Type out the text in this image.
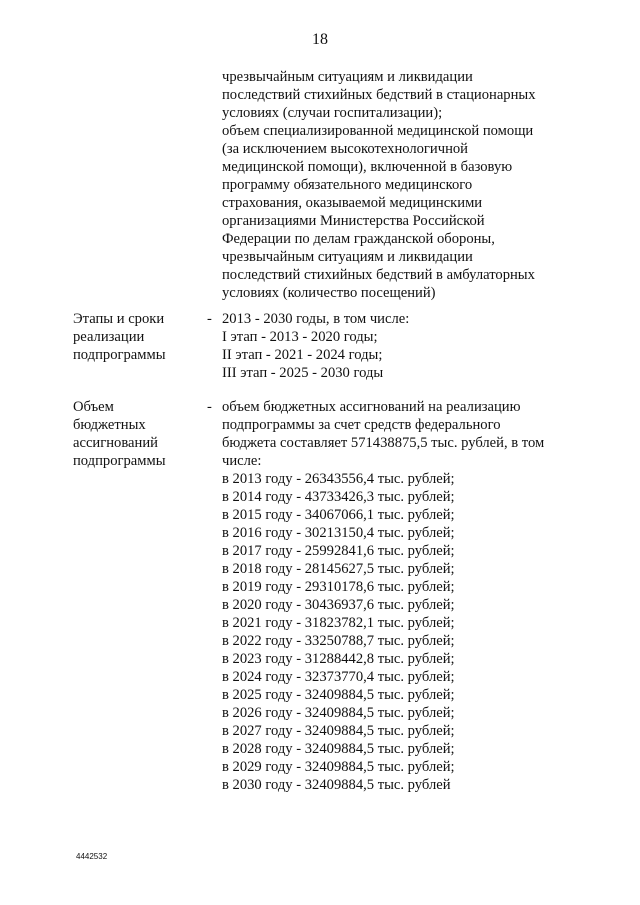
18
чрезвычайным ситуациям и ликвидации
последствий стихийных бедствий в стационарных
условиях (случаи госпитализации);
объем специализированной медицинской помощи
(за исключением высокотехнологичной
медицинской помощи), включенной в базовую
программу обязательного медицинского
страхования, оказываемой медицинскими
организациями Министерства Российской
Федерации по делам гражданской обороны,
чрезвычайным ситуациям и ликвидации
последствий стихийных бедствий в амбулаторных
условиях (количество посещений)
Этапы и сроки
реализации
подпрограммы
- 2013 - 2030 годы, в том числе:
I этап - 2013 - 2020 годы;
II этап - 2021 - 2024 годы;
III этап - 2025 - 2030 годы
Объем
бюджетных
ассигнований
подпрограммы
- объем бюджетных ассигнований на реализацию
подпрограммы за счет средств федерального
бюджета составляет 571438875,5 тыс. рублей, в том
числе:
в 2013 году - 26343556,4 тыс. рублей;
в 2014 году - 43733426,3 тыс. рублей;
в 2015 году - 34067066,1 тыс. рублей;
в 2016 году - 30213150,4 тыс. рублей;
в 2017 году - 25992841,6 тыс. рублей;
в 2018 году - 28145627,5 тыс. рублей;
в 2019 году - 29310178,6 тыс. рублей;
в 2020 году - 30436937,6 тыс. рублей;
в 2021 году - 31823782,1 тыс. рублей;
в 2022 году - 33250788,7 тыс. рублей;
в 2023 году - 31288442,8 тыс. рублей;
в 2024 году - 32373770,4 тыс. рублей;
в 2025 году - 32409884,5 тыс. рублей;
в 2026 году - 32409884,5 тыс. рублей;
в 2027 году - 32409884,5 тыс. рублей;
в 2028 году - 32409884,5 тыс. рублей;
в 2029 году - 32409884,5 тыс. рублей;
в 2030 году - 32409884,5 тыс. рублей
4442532
